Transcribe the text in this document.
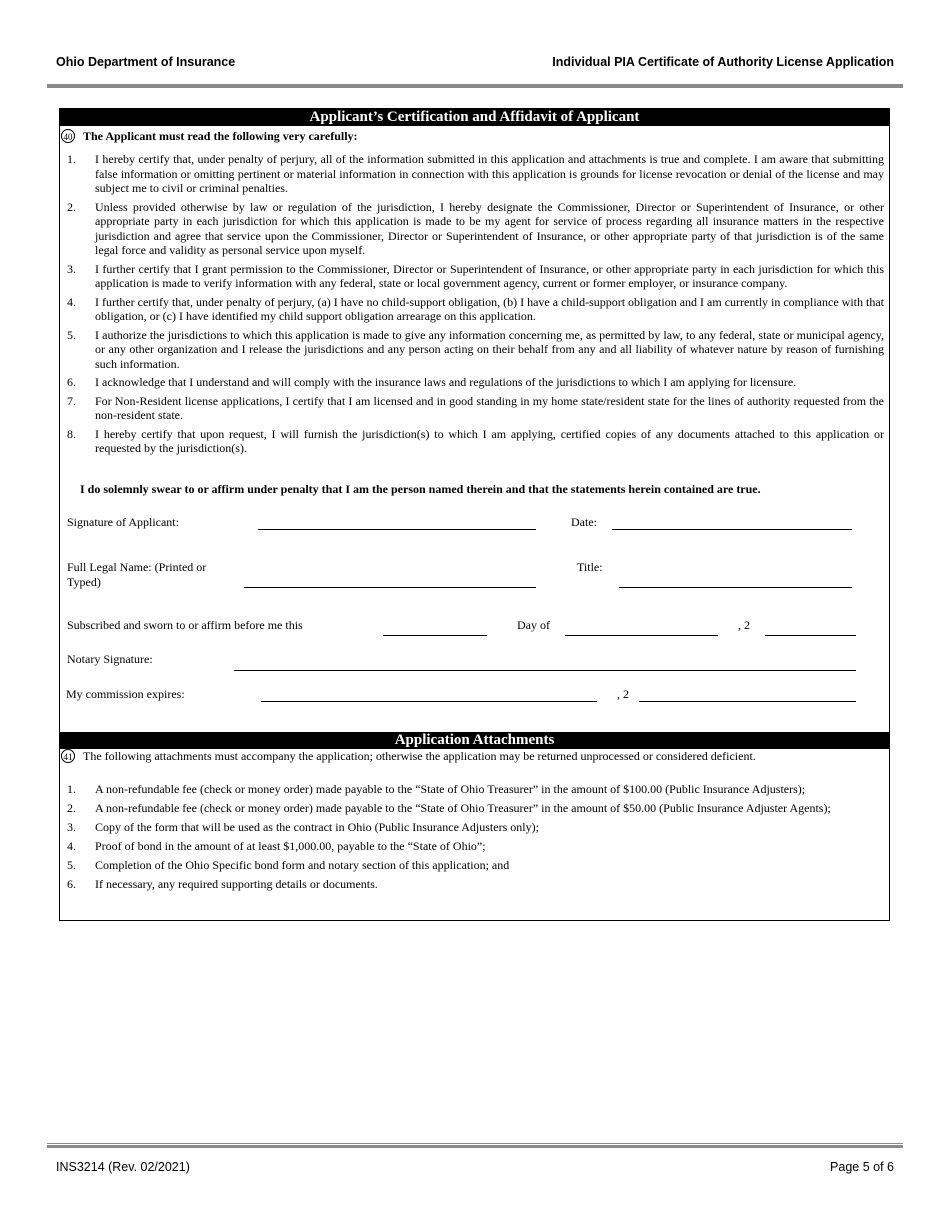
Ohio Department of Insurance	Individual PIA Certificate of Authority License Application
Applicant’s Certification and Affidavit of Applicant
40 The Applicant must read the following very carefully:
1.	I hereby certify that, under penalty of perjury, all of the information submitted in this application and attachments is true and complete. I am aware that submitting false information or omitting pertinent or material information in connection with this application is grounds for license revocation or denial of the license and may subject me to civil or criminal penalties.
2.	Unless provided otherwise by law or regulation of the jurisdiction, I hereby designate the Commissioner, Director or Superintendent of Insurance, or other appropriate party in each jurisdiction for which this application is made to be my agent for service of process regarding all insurance matters in the respective jurisdiction and agree that service upon the Commissioner, Director or Superintendent of Insurance, or other appropriate party of that jurisdiction is of the same legal force and validity as personal service upon myself.
3.	I further certify that I grant permission to the Commissioner, Director or Superintendent of Insurance, or other appropriate party in each jurisdiction for which this application is made to verify information with any federal, state or local government agency, current or former employer, or insurance company.
4.	I further certify that, under penalty of perjury, (a) I have no child-support obligation, (b) I have a child-support obligation and I am currently in compliance with that obligation, or (c) I have identified my child support obligation arrearage on this application.
5.	I authorize the jurisdictions to which this application is made to give any information concerning me, as permitted by law, to any federal, state or municipal agency, or any other organization and I release the jurisdictions and any person acting on their behalf from any and all liability of whatever nature by reason of furnishing such information.
6.	I acknowledge that I understand and will comply with the insurance laws and regulations of the jurisdictions to which I am applying for licensure.
7.	For Non-Resident license applications, I certify that I am licensed and in good standing in my home state/resident state for the lines of authority requested from the non-resident state.
8.	I hereby certify that upon request, I will furnish the jurisdiction(s) to which I am applying, certified copies of any documents attached to this application or requested by the jurisdiction(s).
I do solemnly swear to or affirm under penalty that I am the person named therein and that the statements herein contained are true.
Signature of Applicant:	Date:
Full Legal Name: (Printed or
Typed)
Title:
Subscribed and sworn to or affirm before me this	Day of	, 2
Notary Signature:
My commission expires:	, 2
Application Attachments
41 The following attachments must accompany the application; otherwise the application may be returned unprocessed or considered deficient.
1.	A non-refundable fee (check or money order) made payable to the “State of Ohio Treasurer” in the amount of $100.00 (Public Insurance Adjusters);
2.	A non-refundable fee (check or money order) made payable to the “State of Ohio Treasurer” in the amount of $50.00 (Public Insurance Adjuster Agents);
3.	Copy of the form that will be used as the contract in Ohio (Public Insurance Adjusters only);
4.	Proof of bond in the amount of at least $1,000.00, payable to the “State of Ohio”;
5.	Completion of the Ohio Specific bond form and notary section of this application; and
6.	If necessary, any required supporting details or documents.
INS3214 (Rev. 02/2021)	Page 5 of 6
